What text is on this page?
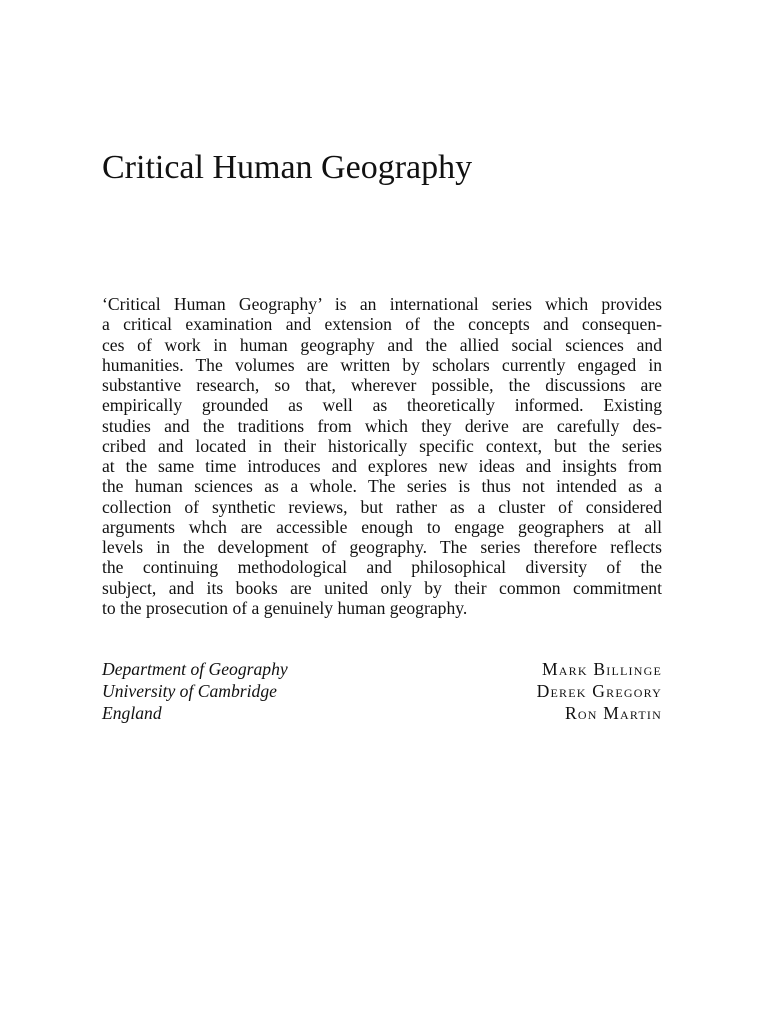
Critical Human Geography
‘Critical Human Geography’ is an international series which provides
a critical examination and extension of the concepts and consequen-
ces of work in human geography and the allied social sciences and
humanities. The volumes are written by scholars currently engaged in
substantive research, so that, wherever possible, the discussions are
empirically grounded as well as theoretically informed. Existing
studies and the traditions from which they derive are carefully des-
cribed and located in their historically specific context, but the series
at the same time introduces and explores new ideas and insights from
the human sciences as a whole. The series is thus not intended as a
collection of synthetic reviews, but rather as a cluster of considered
arguments whch are accessible enough to engage geographers at all
levels in the development of geography. The series therefore reflects
the continuing methodological and philosophical diversity of the
subject, and its books are united only by their common commitment
to the prosecution of a genuinely human geography.
Department of Geography
University of Cambridge
England
Mark Billinge
Derek Gregory
Ron Martin
